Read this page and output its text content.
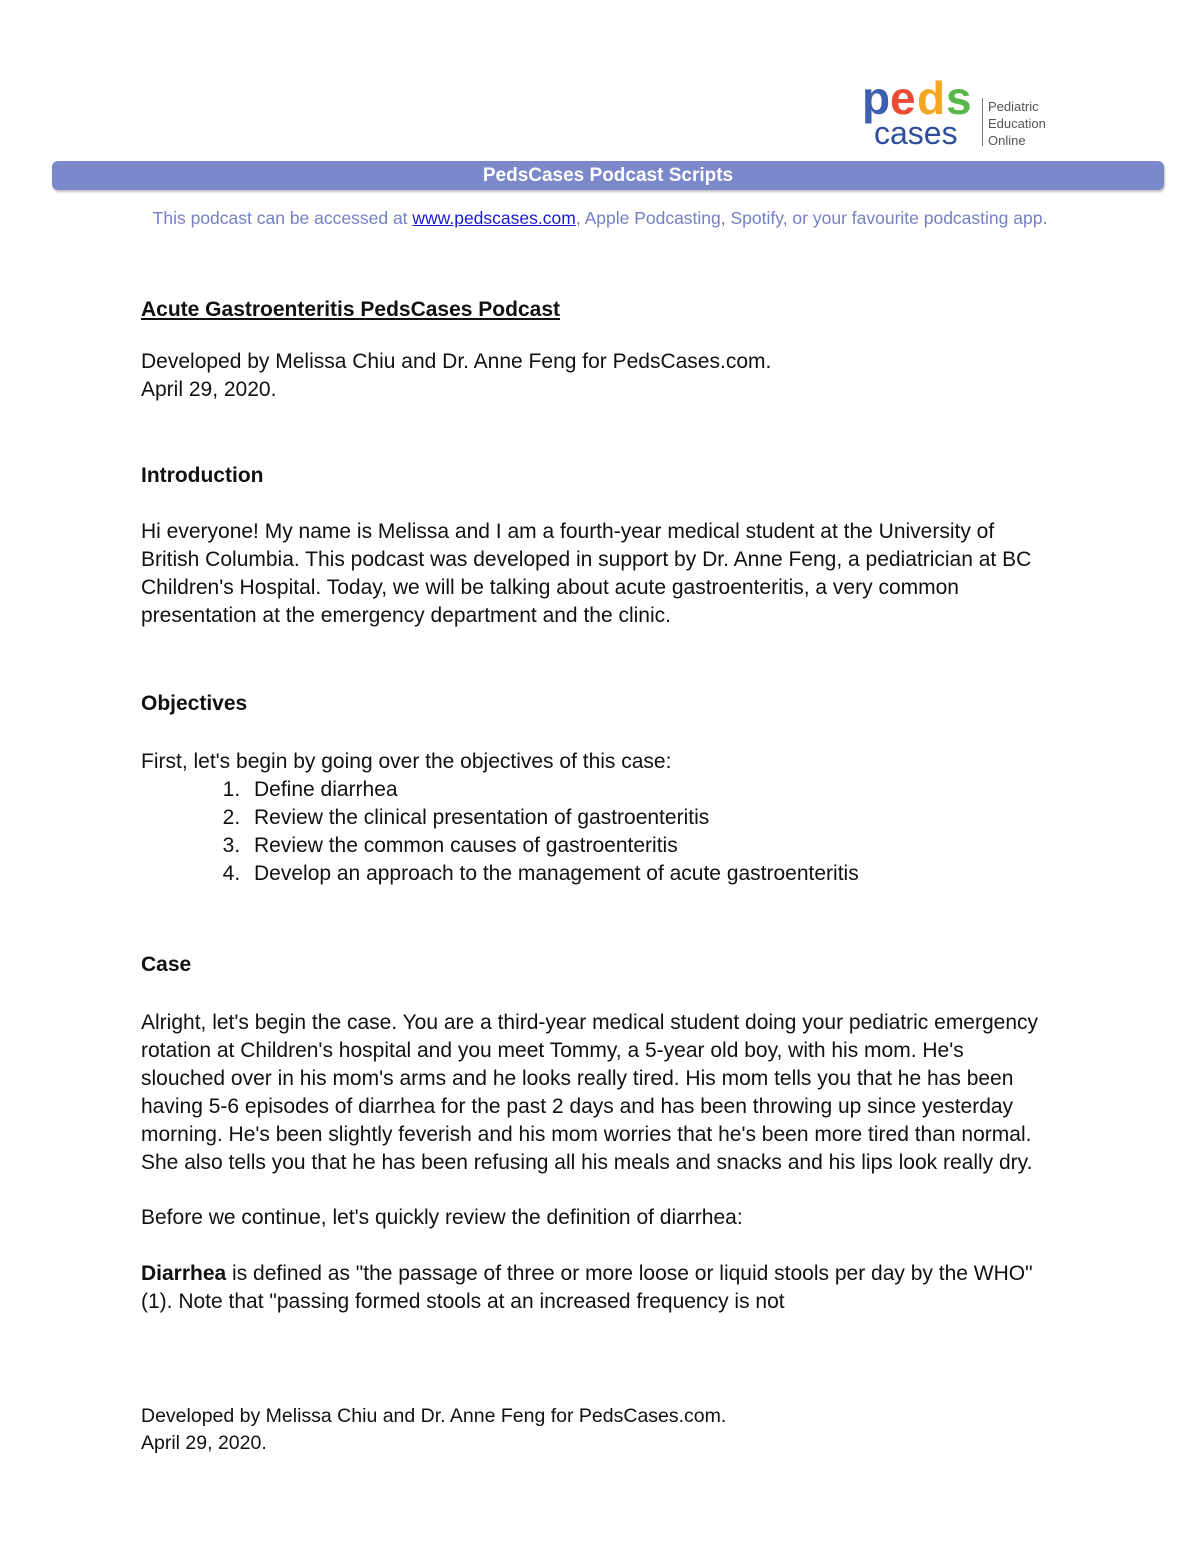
p e d s
cases
Pediatric
Education
Online
PedsCases Podcast Scripts
This podcast can be accessed at www.pedscases.com, Apple Podcasting, Spotify, or your favourite podcasting app.

Acute Gastroenteritis PedsCases Podcast

Developed by Melissa Chiu and Dr. Anne Feng for PedsCases.com.

April 29, 2020.

Introduction

Hi everyone! My name is Melissa and I am a fourth-year medical student at the University of British Columbia. This podcast was developed in support by Dr. Anne Feng, a pediatrician at BC Children's Hospital. Today, we will be talking about acute gastroenteritis, a very common presentation at the emergency department and the clinic.

Objectives

First, let's begin by going over the objectives of this case:

1. Define diarrhea
2. Review the clinical presentation of gastroenteritis
3. Review the common causes of gastroenteritis
4. Develop an approach to the management of acute gastroenteritis

Case

Alright, let's begin the case. You are a third-year medical student doing your pediatric emergency rotation at Children's hospital and you meet Tommy, a 5-year old boy, with his mom. He's slouched over in his mom's arms and he looks really tired. His mom tells you that he has been having 5-6 episodes of diarrhea for the past 2 days and has been throwing up since yesterday morning. He's been slightly feverish and his mom worries that he's been more tired than normal. She also tells you that he has been refusing all his meals and snacks and his lips look really dry.

Before we continue, let's quickly review the definition of diarrhea:

Diarrhea is defined as "the passage of three or more loose or liquid stools per day by the WHO" (1). Note that "passing formed stools at an increased frequency is not

Developed by Melissa Chiu and Dr. Anne Feng for PedsCases.com.
April 29, 2020.
